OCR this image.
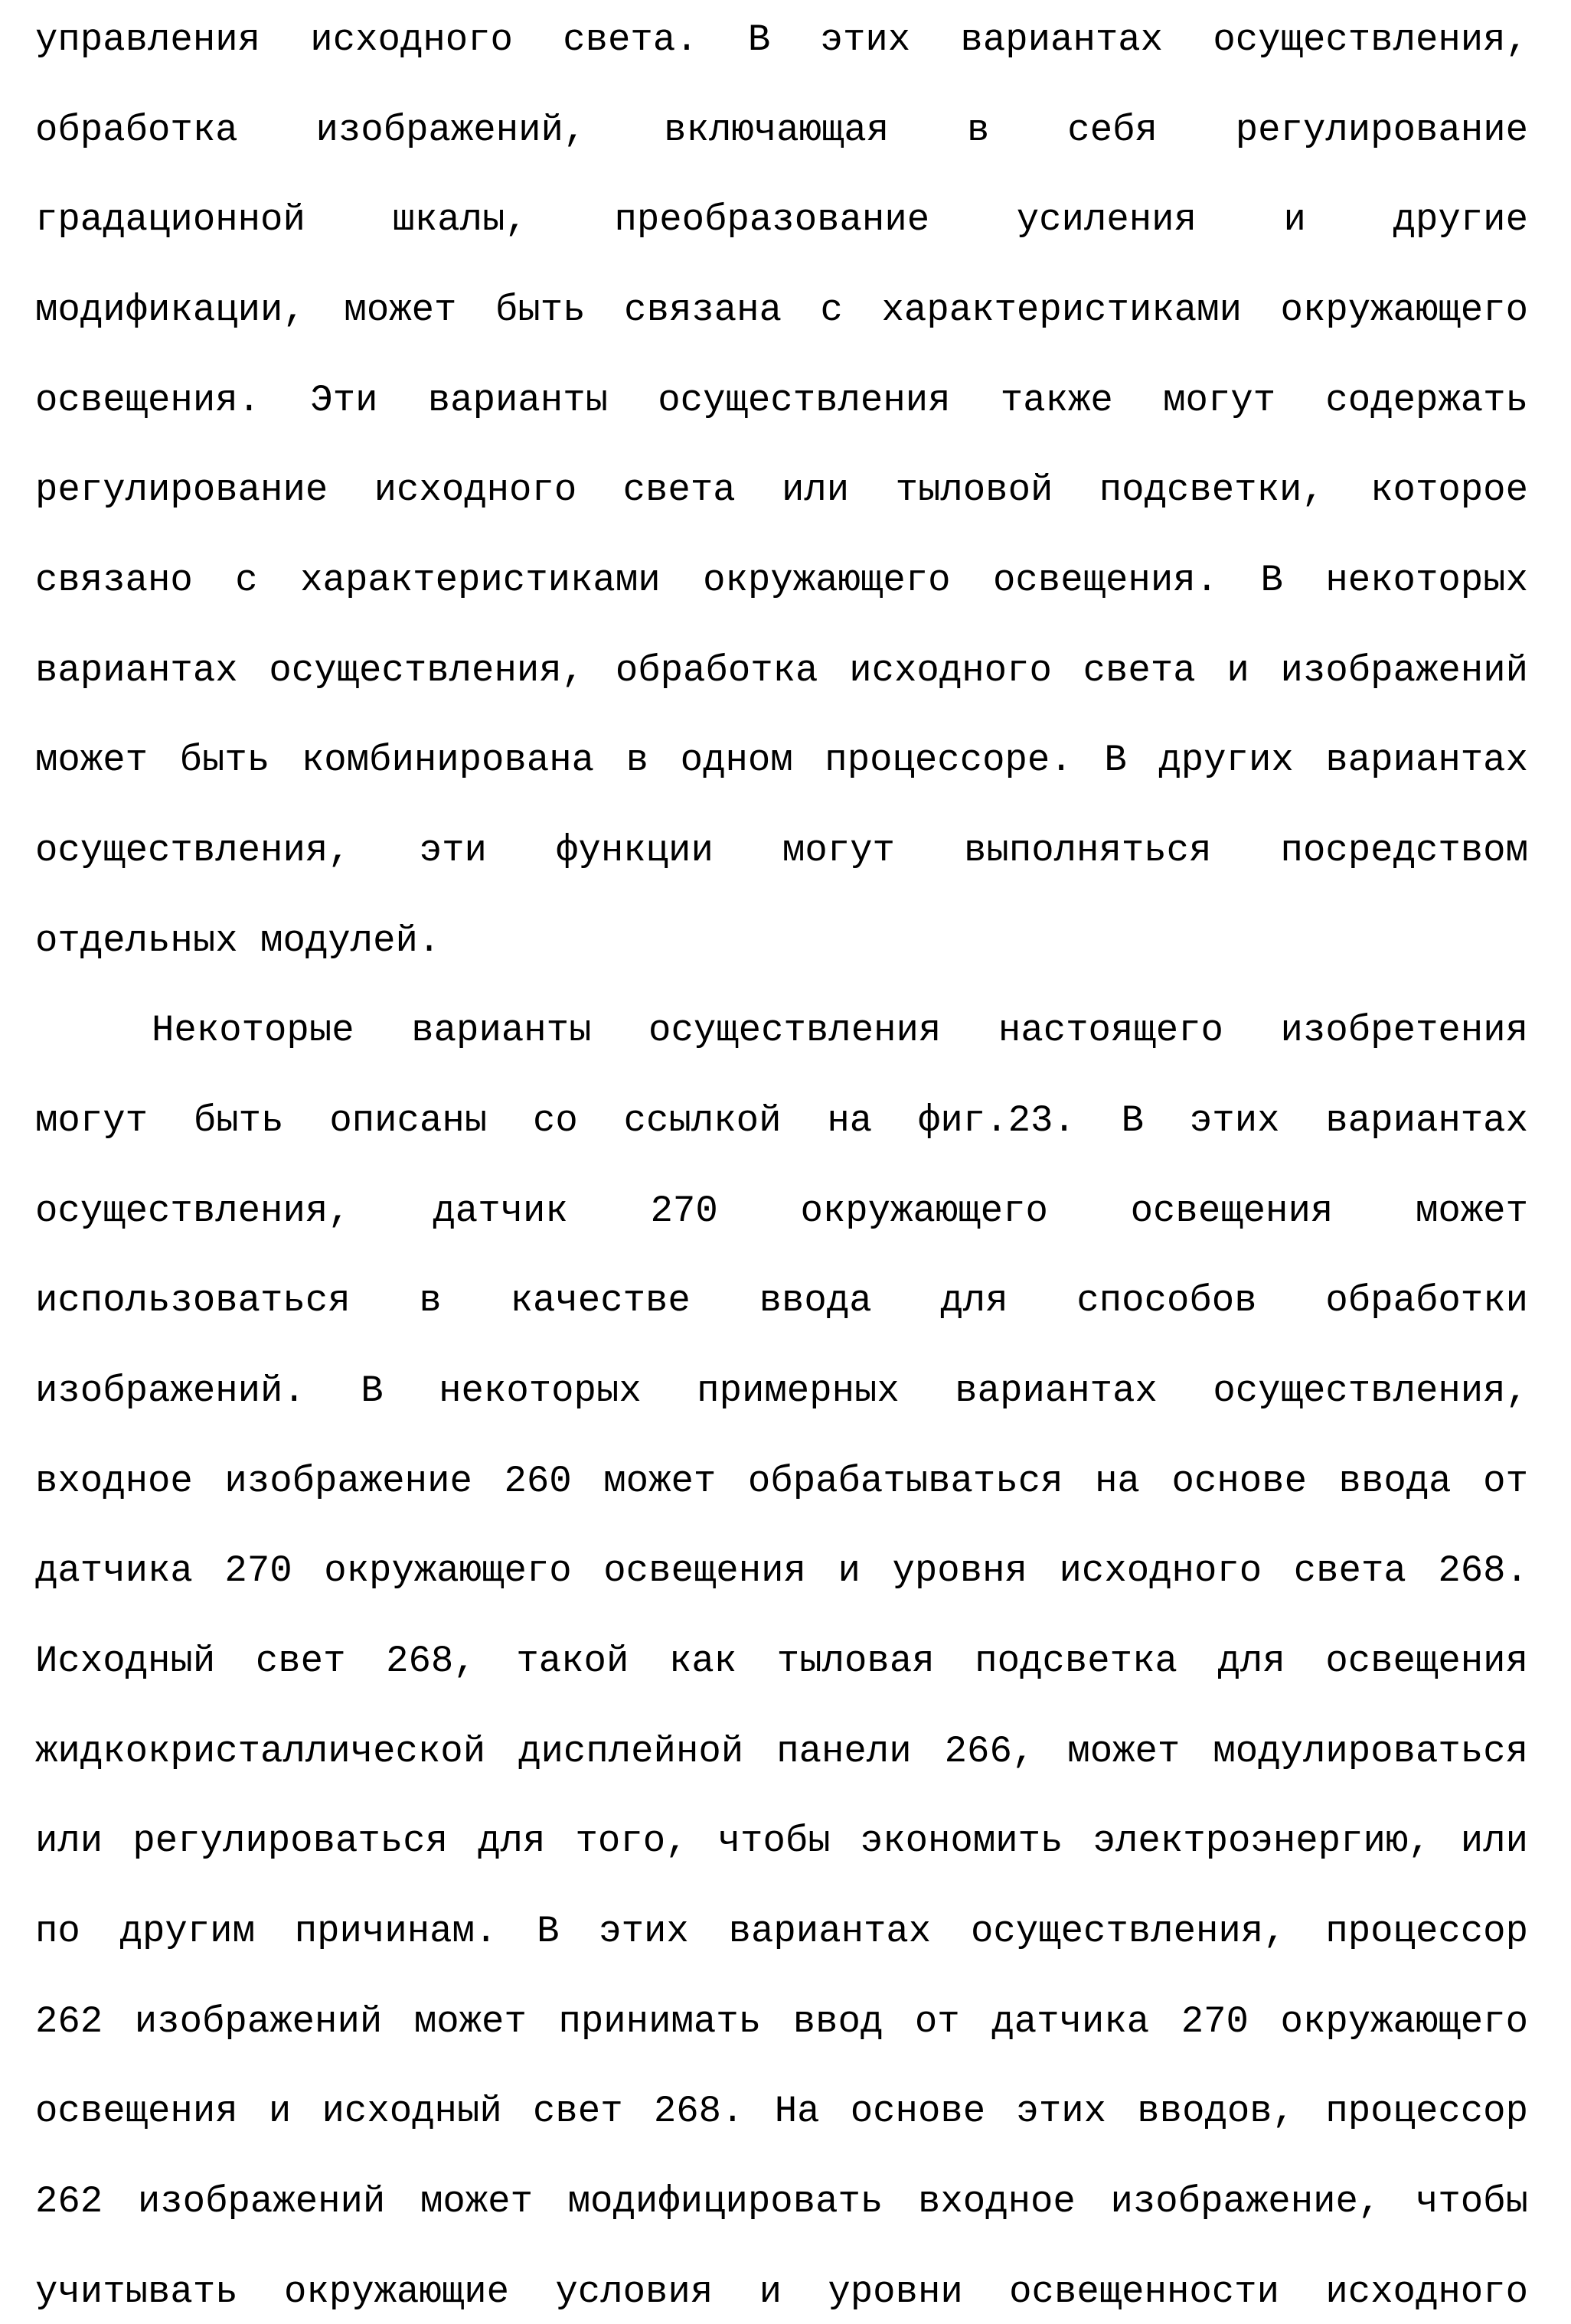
управления исходного света. В этих вариантах осуществления,
обработка изображений, включающая в себя регулирование
градационной шкалы, преобразование усиления и другие
модификации, может быть связана с характеристиками окружающего
освещения. Эти варианты осуществления также могут содержать
регулирование исходного света или тыловой подсветки, которое
связано с характеристиками окружающего освещения. В некоторых
вариантах осуществления, обработка исходного света и изображений
может быть комбинирована в одном процессоре. В других вариантах
осуществления, эти функции могут выполняться посредством
отдельных модулей.
Некоторые варианты осуществления настоящего изобретения
могут быть описаны со ссылкой на фиг.23. В этих вариантах
осуществления, датчик 270 окружающего освещения может
использоваться в качестве ввода для способов обработки
изображений. В некоторых примерных вариантах осуществления,
входное изображение 260 может обрабатываться на основе ввода от
датчика 270 окружающего освещения и уровня исходного света 268.
Исходный свет 268, такой как тыловая подсветка для освещения
жидкокристаллической дисплейной панели 266, может модулироваться
или регулироваться для того, чтобы экономить электроэнергию, или
по другим причинам. В этих вариантах осуществления, процессор
262 изображений может принимать ввод от датчика 270 окружающего
освещения и исходный свет 268. На основе этих вводов, процессор
262 изображений может модифицировать входное изображение, чтобы
учитывать окружающие условия и уровни освещенности исходного
